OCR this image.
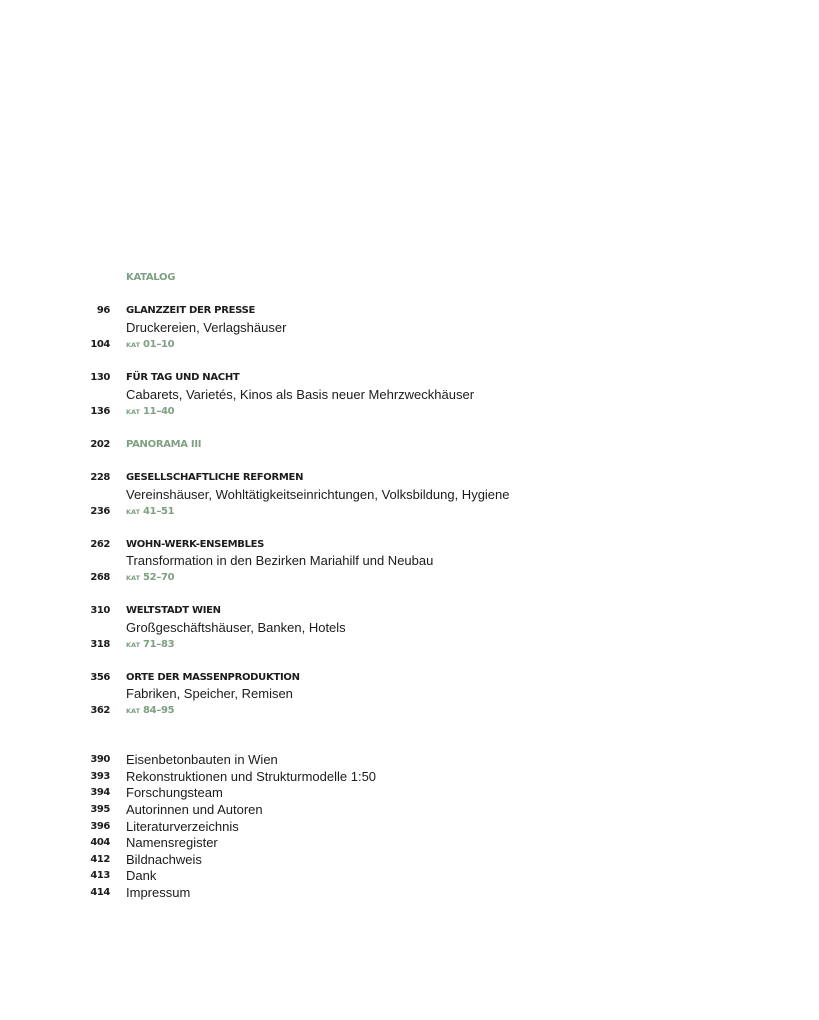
KATALOG
96 GLANZZEIT DER PRESSE
Druckereien, Verlagshäuser
104 KAT 01–10
130 FÜR TAG UND NACHT
Cabarets, Varietés, Kinos als Basis neuer Mehrzweckhäuser
136 KAT 11–40
202 PANORAMA III
228 GESELLSCHAFTLICHE REFORMEN
Vereinshäuser, Wohltätigkeitseinrichtungen, Volksbildung, Hygiene
236 KAT 41–51
262 WOHN-WERK-ENSEMBLES
Transformation in den Bezirken Mariahilf und Neubau
268 KAT 52–70
310 WELTSTADT WIEN
Großgeschäftshäuser, Banken, Hotels
318 KAT 71–83
356 ORTE DER MASSENPRODUKTION
Fabriken, Speicher, Remisen
362 KAT 84–95
390 Eisenbetonbauten in Wien
393 Rekonstruktionen und Strukturmodelle 1:50
394 Forschungsteam
395 Autorinnen und Autoren
396 Literaturverzeichnis
404 Namensregister
412 Bildnachweis
413 Dank
414 Impressum
